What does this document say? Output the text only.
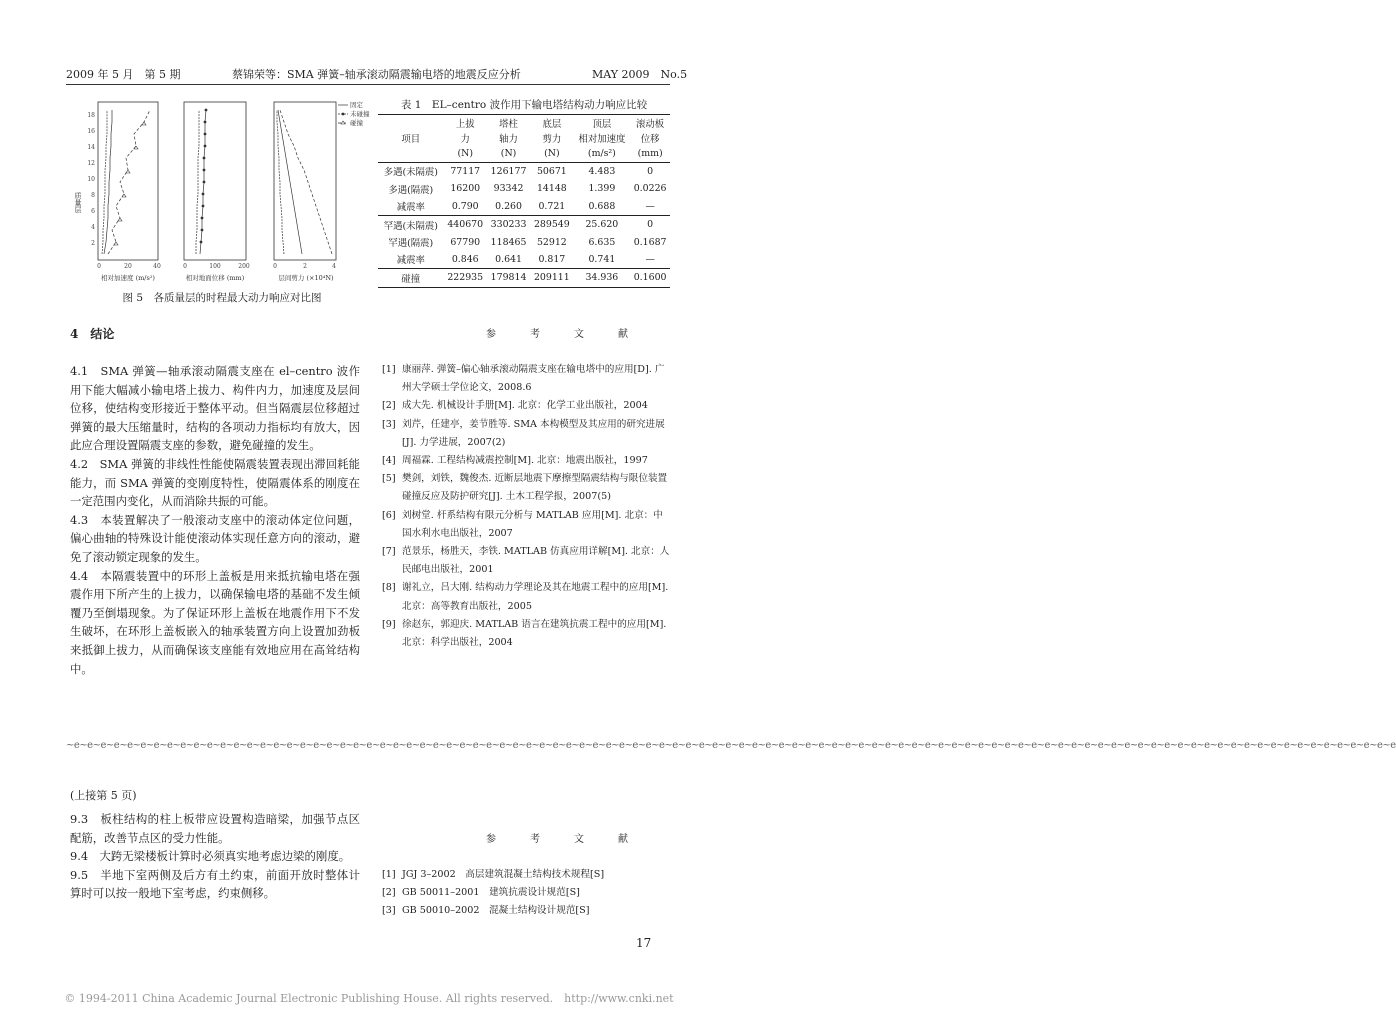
2009 年 5 月　第 5 期	蔡锦荣等：SMA 弹簧–轴承滚动隔震输电塔的地震反应分析	MAY 2009　No.5
质量层
2
4
6
8
10
12
14
16
18
0	20	40
相对加速度 (m/s²)
0	100	200
相对地面位移 (mm)
0	2	4
层间剪力 (×10⁴N)
固定
未碰撞
碰撞
图 5　各质量层的时程最大动力响应对比图
表 1　EL–centro 波作用下输电塔结构动力响应比较
项目	上拔	塔柱	底层	顶层	滚动板
	力	轴力	剪力	相对加速度	位移
	(N)	(N)	(N)	(m/s²)	(mm)
多遇(未隔震)	77117	126177	50671	4.483	0
多遇(隔震)	16200	93342	14148	1.399	0.0226
减震率	0.790	0.260	0.721	0.688	—
罕遇(未隔震)	440670	330233	289549	25.620	0
罕遇(隔震)	67790	118465	52912	6.635	0.1687
减震率	0.846	0.641	0.817	0.741	—
碰撞	222935	179814	209111	34.936	0.1600
4　结论
4.1　SMA 弹簧—轴承滚动隔震支座在 el–centro 波作用下能大幅减小输电塔上拔力、构件内力，加速度及层间位移，使结构变形接近于整体平动。但当隔震层位移超过弹簧的最大压缩量时，结构的各项动力指标均有放大，因此应合理设置隔震支座的参数，避免碰撞的发生。
4.2　SMA 弹簧的非线性性能使隔震装置表现出滞回耗能能力，而 SMA 弹簧的变刚度特性，使隔震体系的刚度在一定范围内变化，从而消除共振的可能。
4.3　本装置解决了一般滚动支座中的滚动体定位问题，偏心曲轴的特殊设计能使滚动体实现任意方向的滚动，避免了滚动锁定现象的发生。
4.4　本隔震装置中的环形上盖板是用来抵抗输电塔在强震作用下所产生的上拔力，以确保输电塔的基础不发生倾覆乃至倒塌现象。为了保证环形上盖板在地震作用下不发生破坏，在环形上盖板嵌入的轴承装置方向上设置加劲板来抵御上拔力，从而确保该支座能有效地应用在高耸结构中。
参　考　文　献
[1] 康丽萍. 弹簧–偏心轴承滚动隔震支座在输电塔中的应用[D]. 广州大学硕士学位论文，2008.6
[2] 成大先. 机械设计手册[M]. 北京：化学工业出版社，2004
[3] 刘芹，任建亭，姜节胜等. SMA 本构模型及其应用的研究进展[J]. 力学进展，2007(2)
[4] 周福霖. 工程结构减震控制[M]. 北京：地震出版社，1997
[5] 樊剑，刘铁，魏俊杰. 近断层地震下摩擦型隔震结构与限位装置碰撞反应及防护研究[J]. 土木工程学报，2007(5)
[6] 刘树堂. 杆系结构有限元分析与 MATLAB 应用[M]. 北京：中国水利水电出版社，2007
[7] 范景乐，杨胜天，李铁. MATLAB 仿真应用详解[M]. 北京：人民邮电出版社，2001
[8] 谢礼立，吕大刚. 结构动力学理论及其在地震工程中的应用[M]. 北京：高等教育出版社，2005
[9] 徐赵东，郭迎庆. MATLAB 语言在建筑抗震工程中的应用[M]. 北京：科学出版社，2004
~e~e~e~e~e~e~e~e~e~e~e~e~e~e~e~e~e~e~e~e~e~e~e~e~e~e~e~e~e~e~e~e~e~e~e~e~e~e~e~e~e~e~e~e~e~e~e~e~e~e~e~e~e~e~e~e~e~e~e~e~e~e~e~e~e~e~e~e~e~e~e~e~e~e~e~e~e~e~e~e~e~e~e~e~e~e~e~e~e~e~e~e~e~e~e~e~e~e~e~e
(上接第 5 页)
9.3　板柱结构的柱上板带应设置构造暗梁，加强节点区配筋，改善节点区的受力性能。
9.4　大跨无梁楼板计算时必须真实地考虑边梁的刚度。
9.5　半地下室两侧及后方有土约束，前面开放时整体计算时可以按一般地下室考虑，约束侧移。
参　考　文　献
[1] JGJ 3–2002　高层建筑混凝土结构技术规程[S]
[2] GB 50011–2001　建筑抗震设计规范[S]
[3] GB 50010–2002　混凝土结构设计规范[S]
17
© 1994-2011 China Academic Journal Electronic Publishing House. All rights reserved.　http://www.cnki.net
